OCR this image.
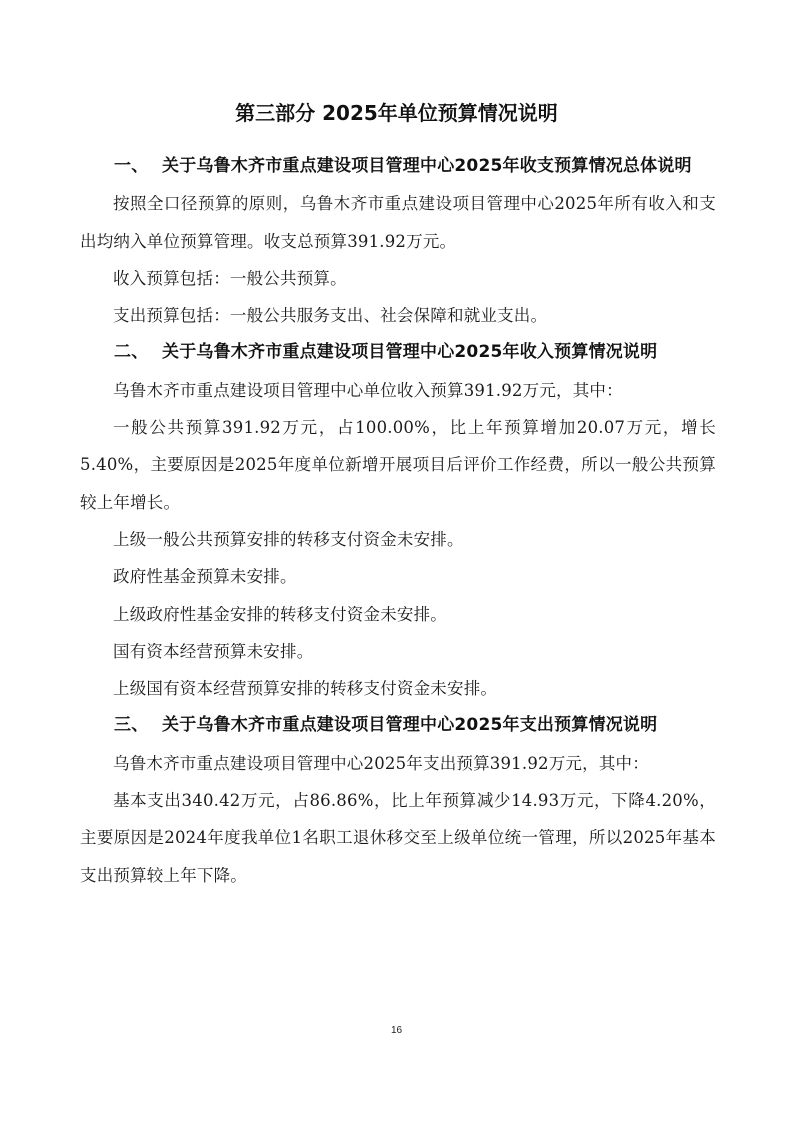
第三部分 2025年单位预算情况说明

一、 关于乌鲁木齐市重点建设项目管理中心2025年收支预算情况总体说明

按照全口径预算的原则，乌鲁木齐市重点建设项目管理中心2025年所有收入和支出均纳入单位预算管理。收支总预算391.92万元。

收入预算包括：一般公共预算。

支出预算包括：一般公共服务支出、社会保障和就业支出。

二、 关于乌鲁木齐市重点建设项目管理中心2025年收入预算情况说明

乌鲁木齐市重点建设项目管理中心单位收入预算391.92万元，其中：

一般公共预算391.92万元，占100.00%，比上年预算增加20.07万元，增长5.40%，主要原因是2025年度单位新增开展项目后评价工作经费，所以一般公共预算较上年增长。

上级一般公共预算安排的转移支付资金未安排。

政府性基金预算未安排。

上级政府性基金安排的转移支付资金未安排。

国有资本经营预算未安排。

上级国有资本经营预算安排的转移支付资金未安排。

三、 关于乌鲁木齐市重点建设项目管理中心2025年支出预算情况说明

乌鲁木齐市重点建设项目管理中心2025年支出预算391.92万元，其中：

基本支出340.42万元，占86.86%，比上年预算减少14.93万元，下降4.20%，主要原因是2024年度我单位1名职工退休移交至上级单位统一管理，所以2025年基本支出预算较上年下降。

16
